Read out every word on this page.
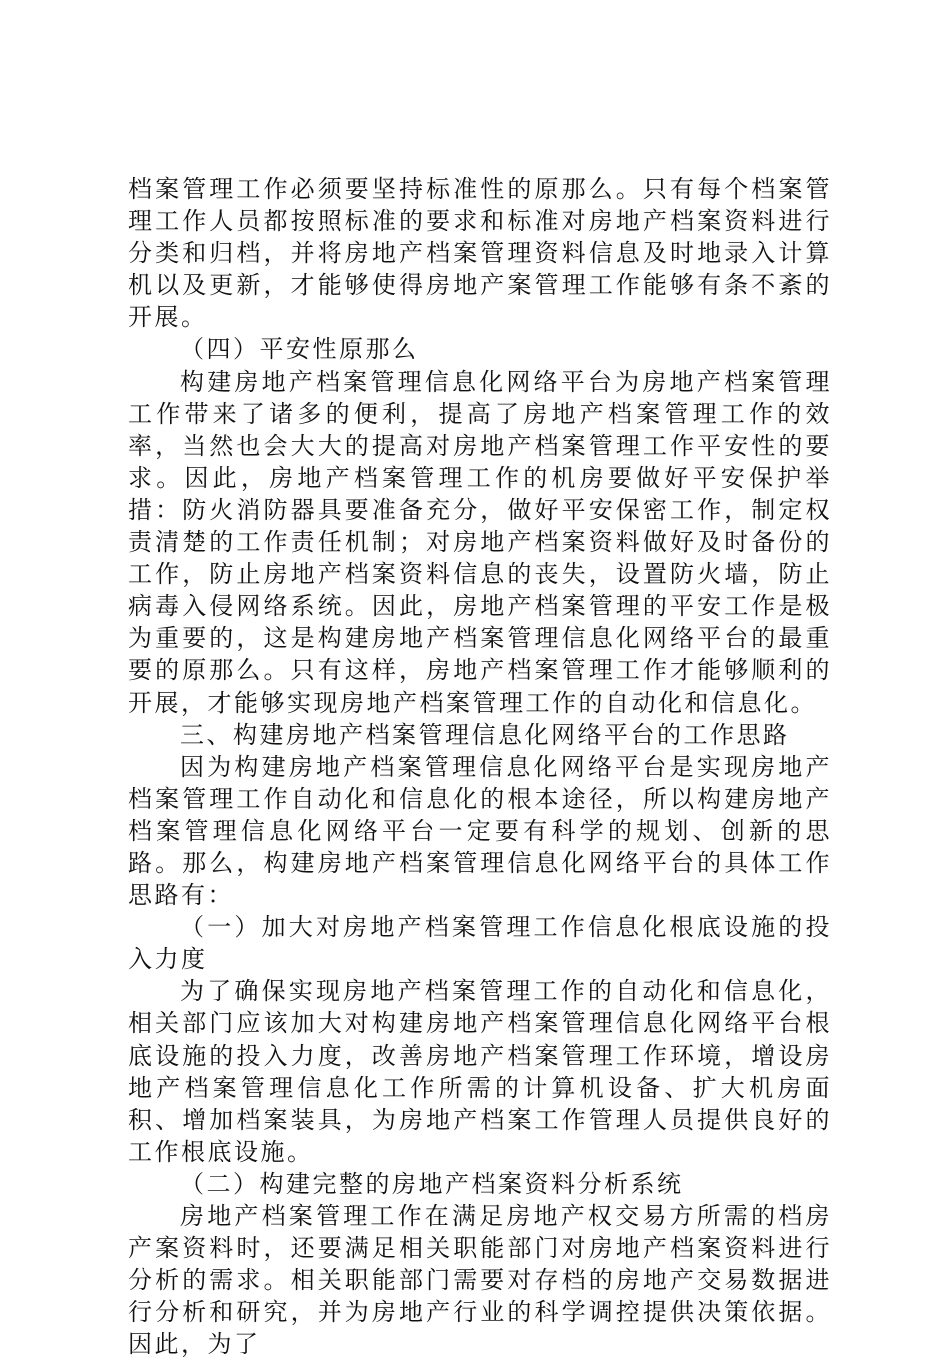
档案管理工作必须要坚持标准性的原那么。只有每个档案管理工作人员都按照标准的要求和标准对房地产档案资料进行分类和归档，并将房地产档案管理资料信息及时地录入计算机以及更新，才能够使得房地产案管理工作能够有条不紊的开展。

（四）平安性原那么

构建房地产档案管理信息化网络平台为房地产档案管理工作带来了诸多的便利，提高了房地产档案管理工作的效率，当然也会大大的提高对房地产档案管理工作平安性的要求。因此，房地产档案管理工作的机房要做好平安保护举措：防火消防器具要准备充分，做好平安保密工作，制定权责清楚的工作责任机制；对房地产档案资料做好及时备份的工作，防止房地产档案资料信息的丧失，设置防火墙，防止病毒入侵网络系统。因此，房地产档案管理的平安工作是极为重要的，这是构建房地产档案管理信息化网络平台的最重要的原那么。只有这样，房地产档案管理工作才能够顺利的开展，才能够实现房地产档案管理工作的自动化和信息化。

三、构建房地产档案管理信息化网络平台的工作思路

因为构建房地产档案管理信息化网络平台是实现房地产档案管理工作自动化和信息化的根本途径，所以构建房地产档案管理信息化网络平台一定要有科学的规划、创新的思路。那么，构建房地产档案管理信息化网络平台的具体工作思路有：

（一）加大对房地产档案管理工作信息化根底设施的投入力度

为了确保实现房地产档案管理工作的自动化和信息化，相关部门应该加大对构建房地产档案管理信息化网络平台根底设施的投入力度，改善房地产档案管理工作环境，增设房地产档案管理信息化工作所需的计算机设备、扩大机房面积、增加档案装具，为房地产档案工作管理人员提供良好的工作根底设施。

（二）构建完整的房地产档案资料分析系统

房地产档案管理工作在满足房地产权交易方所需的档房产案资料时，还要满足相关职能部门对房地产档案资料进行分析的需求。相关职能部门需要对存档的房地产交易数据进行分析和研究，并为房地产行业的科学调控提供决策依据。因此，为了
